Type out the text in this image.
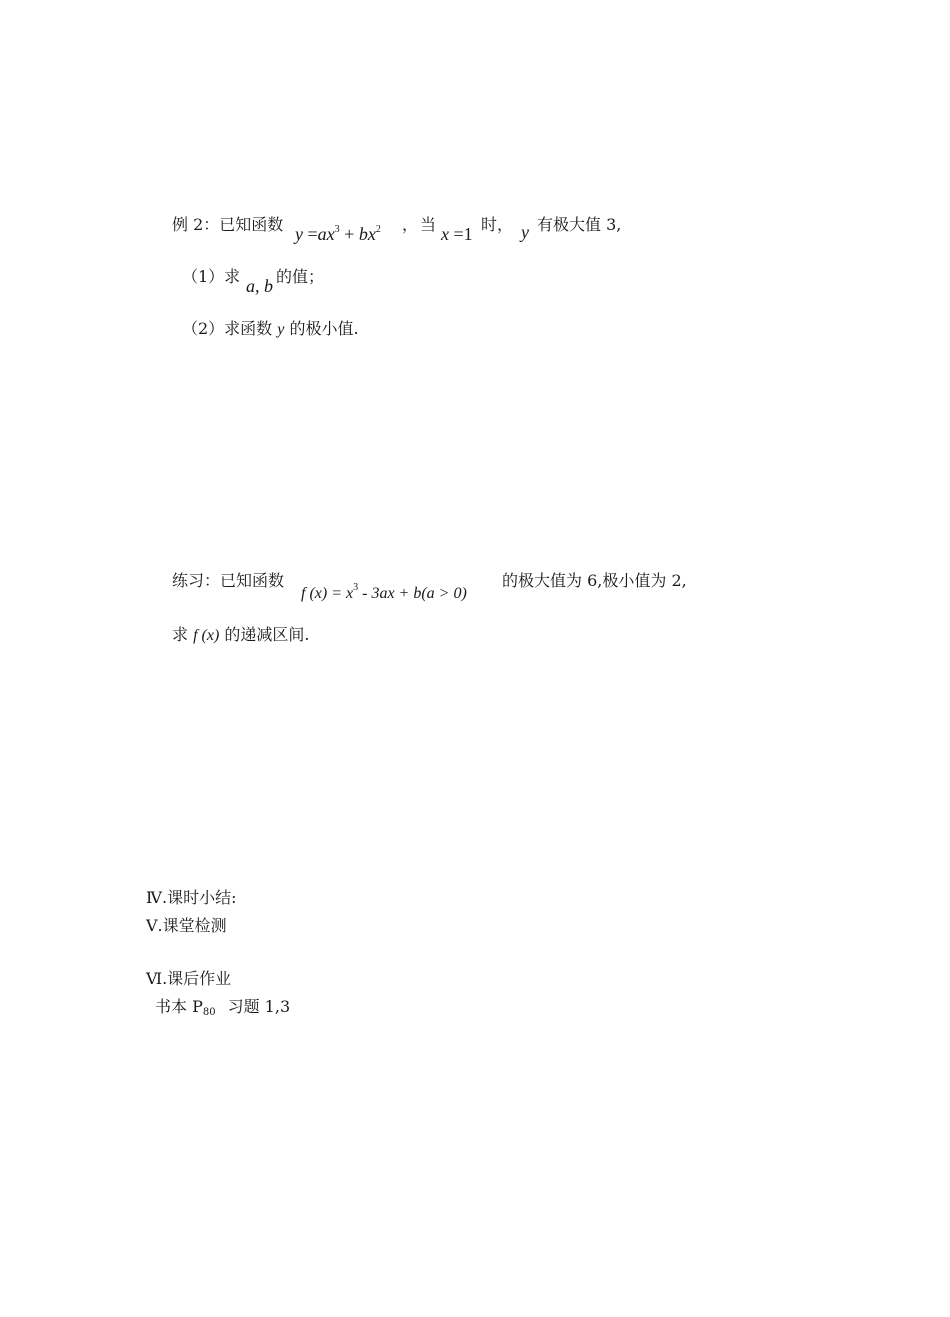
例 2：已知函数 $y =ax^3 + bx^2$ ， 当 x =1 时， y 有极大值 3,
（1）求 a, b 的值；
（2）求函数 y 的极小值.
练习：已知函数
f $(x) = x^3 - 3ax + b(a > 0)$
的极大值为 6,极小值为 2,
求 f (x) 的递减区间.
Ⅳ.课时小结:
Ⅴ.课堂检测
Ⅵ.课后作业
书本 $P_{80}$ 习题 1,3
